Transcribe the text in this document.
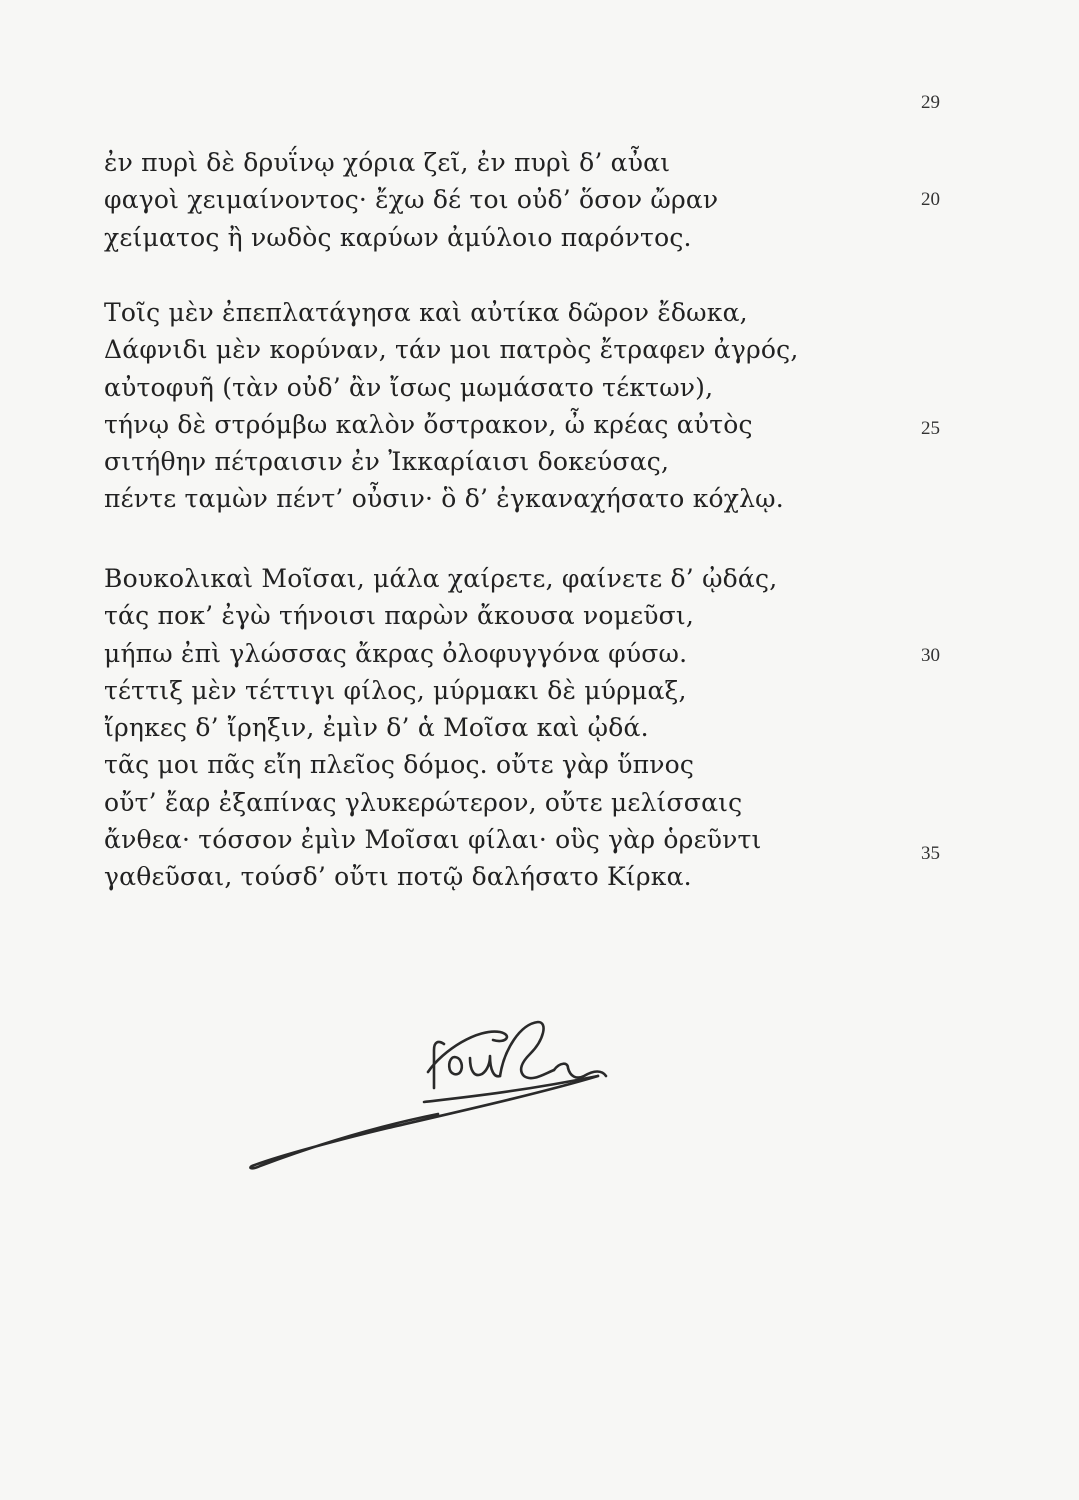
29
ἐν πυρὶ δὲ δρυΐνῳ χόρια ζεῖ, ἐν πυρὶ δ’ αὖαι
φαγοὶ χειμαίνοντος· ἔχω δέ τοι οὐδ’ ὅσον ὤραν
χείματος ἢ νωδὸς καρύων ἀμύλοιο παρόντος.
Τοῖς μὲν ἐπεπλατάγησα καὶ αὐτίκα δῶρον ἔδωκα,
Δάφνιδι μὲν κορύναν, τάν μοι πατρὸς ἔτραφεν ἀγρός,
αὐτοφυῆ (τὰν οὐδ’ ἂν ἴσως μωμάσατο τέκτων),
τήνῳ δὲ στρόμβω καλὸν ὄστρακον, ὦ κρέας αὐτὸς
σιτήθην πέτραισιν ἐν Ἰκκαρίαισι δοκεύσας,
πέντε ταμὼν πέντ’ οὖσιν· ὃ δ’ ἐγκαναχήσατο κόχλῳ.
Βουκολικαὶ Μοῖσαι, μάλα χαίρετε, φαίνετε δ’ ᾠδάς,
τάς ποκ’ ἐγὼ τήνοισι παρὼν ἄκουσα νομεῦσι,
μήπω ἐπὶ γλώσσας ἄκρας ὀλοφυγγόνα φύσω.
τέττιξ μὲν τέττιγι φίλος, μύρμακι δὲ μύρμαξ,
ἴρηκες δ’ ἴρηξιν, ἐμὶν δ’ ἁ Μοῖσα καὶ ᾠδά.
τᾶς μοι πᾶς εἴη πλεῖος δόμος. οὔτε γὰρ ὕπνος
οὔτ’ ἔαρ ἐξαπίνας γλυκερώτερον, οὔτε μελίσσαις
ἄνθεα· τόσσον ἐμὶν Μοῖσαι φίλαι· οὓς γὰρ ὁρεῦντι
γαθεῦσαι, τούσδ’ οὔτι ποτῷ δαλήσατο Κίρκα.
20
25
30
35
